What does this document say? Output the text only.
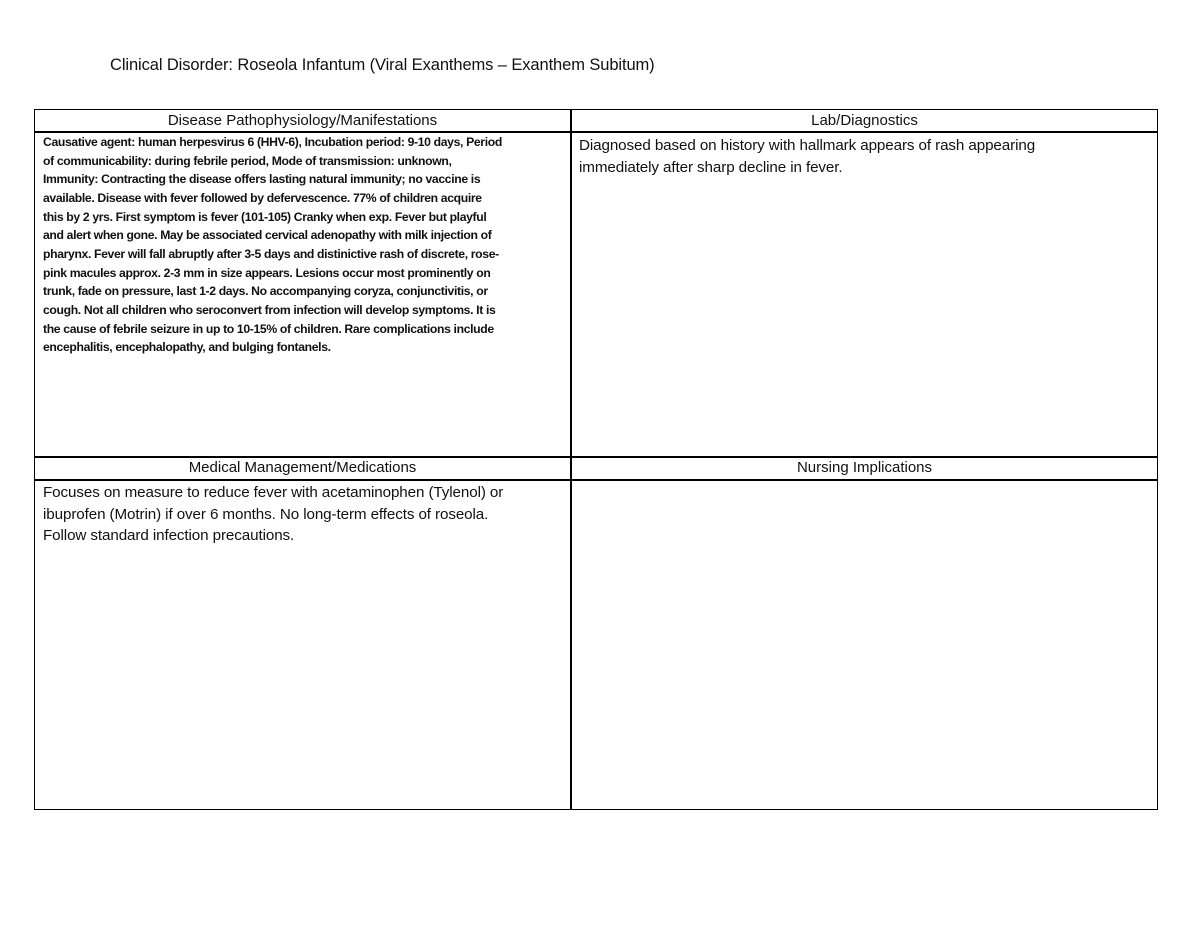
Clinical Disorder: Roseola Infantum (Viral Exanthems – Exanthem Subitum)
Disease Pathophysiology/Manifestations	Lab/Diagnostics
Causative agent: human herpesvirus 6 (HHV-6), Incubation period: 9-10 days, Period
of communicability: during febrile period, Mode of transmission: unknown,
Immunity: Contracting the disease offers lasting natural immunity; no vaccine is
available. Disease with fever followed by defervescence. 77% of children acquire
this by 2 yrs. First symptom is fever (101-105) Cranky when exp. Fever but playful
and alert when gone. May be associated cervical adenopathy with milk injection of
pharynx. Fever will fall abruptly after 3-5 days and distinictive rash of discrete, rose-
pink macules approx. 2-3 mm in size appears. Lesions occur most prominently on
trunk, fade on pressure, last 1-2 days. No accompanying coryza, conjunctivitis, or
cough. Not all children who seroconvert from infection will develop symptoms. It is
the cause of febrile seizure in up to 10-15% of children. Rare complications include
encephalitis, encephalopathy, and bulging fontanels.
Diagnosed based on history with hallmark appears of rash appearing
immediately after sharp decline in fever.
Medical Management/Medications	Nursing Implications
Focuses on measure to reduce fever with acetaminophen (Tylenol) or
ibuprofen (Motrin) if over 6 months. No long-term effects of roseola.
Follow standard infection precautions.
